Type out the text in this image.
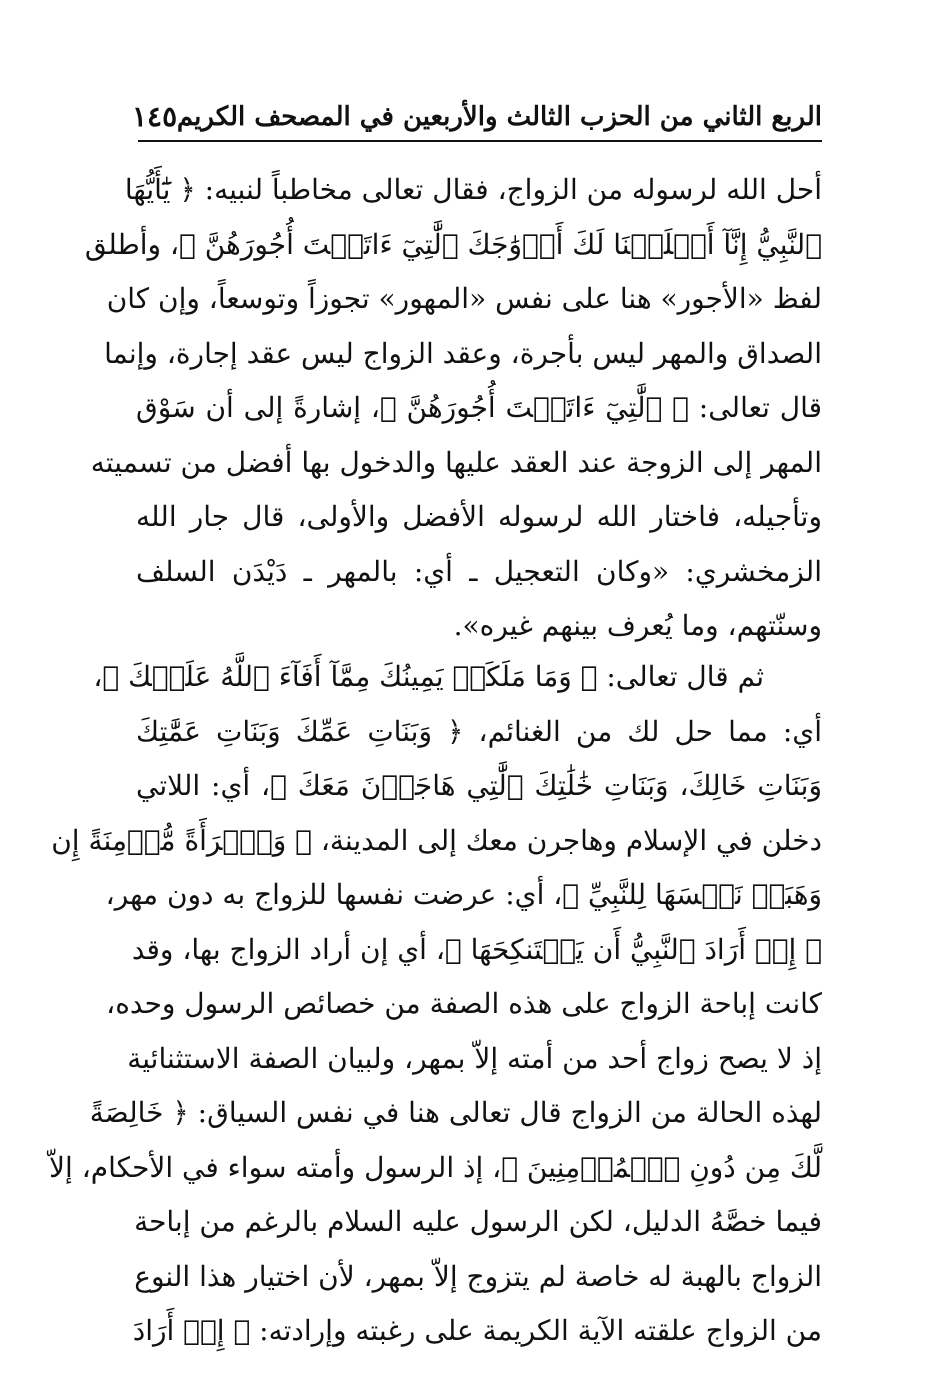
الربع الثاني من الحزب الثالث والأربعين في المصحف الكريم
١٤٥
أحل الله لرسوله من الزواج، فقال تعالى مخاطباً لنبيه: ﴿ يَٰٓأَيُّهَا
ٱلنَّبِيُّ إِنَّآ أَحۡلَلۡنَا لَكَ أَزۡوَٰجَكَ ٱلَّٰتِيٓ ءَاتَيۡتَ أُجُورَهُنَّ ﴾، وأطلق
لفظ «الأجور» هنا على نفس «المهور» تجوزاً وتوسعاً، وإن كان
الصداق والمهر ليس بأجرة، وعقد الزواج ليس عقد إجارة، وإنما
قال تعالى: ﴿ ٱلَّٰتِيٓ ءَاتَيۡتَ أُجُورَهُنَّ ﴾، إشارةً إلى أن سَوْق
المهر إلى الزوجة عند العقد عليها والدخول بها أفضل من تسميته
وتأجيله، فاختار الله لرسوله الأفضل والأولى، قال جار الله
الزمخشري: «وكان التعجيل ـ أي: بالمهر ـ دَيْدَن السلف
وسنّتهم، وما يُعرف بينهم غيره».
ثم قال تعالى: ﴿ وَمَا مَلَكَتۡ يَمِينُكَ مِمَّآ أَفَآءَ ٱللَّهُ عَلَيۡكَ ﴾،
أي: مما حل لك من الغنائم، ﴿ وَبَنَاتِ عَمِّكَ وَبَنَاتِ عَمَّٰتِكَ
وَبَنَاتِ خَالِكَ، وَبَنَاتِ خَٰلَٰتِكَ ٱلَّٰتِي هَاجَرۡنَ مَعَكَ ﴾، أي: اللاتي
دخلن في الإسلام وهاجرن معك إلى المدينة، ﴿ وَٱمۡرَأَةً مُّؤۡمِنَةً إِن
وَهَبَتۡ نَفۡسَهَا لِلنَّبِيِّ ﴾، أي: عرضت نفسها للزواج به دون مهر،
﴿ إِنۡ أَرَادَ ٱلنَّبِيُّ أَن يَسۡتَنكِحَهَا ﴾، أي إن أراد الزواج بها، وقد
كانت إباحة الزواج على هذه الصفة من خصائص الرسول وحده،
إذ لا يصح زواج أحد من أمته إلاّ بمهر، ولبيان الصفة الاستثنائية
لهذه الحالة من الزواج قال تعالى هنا في نفس السياق: ﴿ خَالِصَةً
لَّكَ مِن دُونِ ٱلۡمُؤۡمِنِينَ ﴾، إذ الرسول وأمته سواء في الأحكام، إلاّ
فيما خصَّهُ الدليل، لكن الرسول عليه السلام بالرغم من إباحة
الزواج بالهبة له خاصة لم يتزوج إلاّ بمهر، لأن اختيار هذا النوع
من الزواج علقته الآية الكريمة على رغبته وإرادته: ﴿ إِنۡ أَرَادَ
